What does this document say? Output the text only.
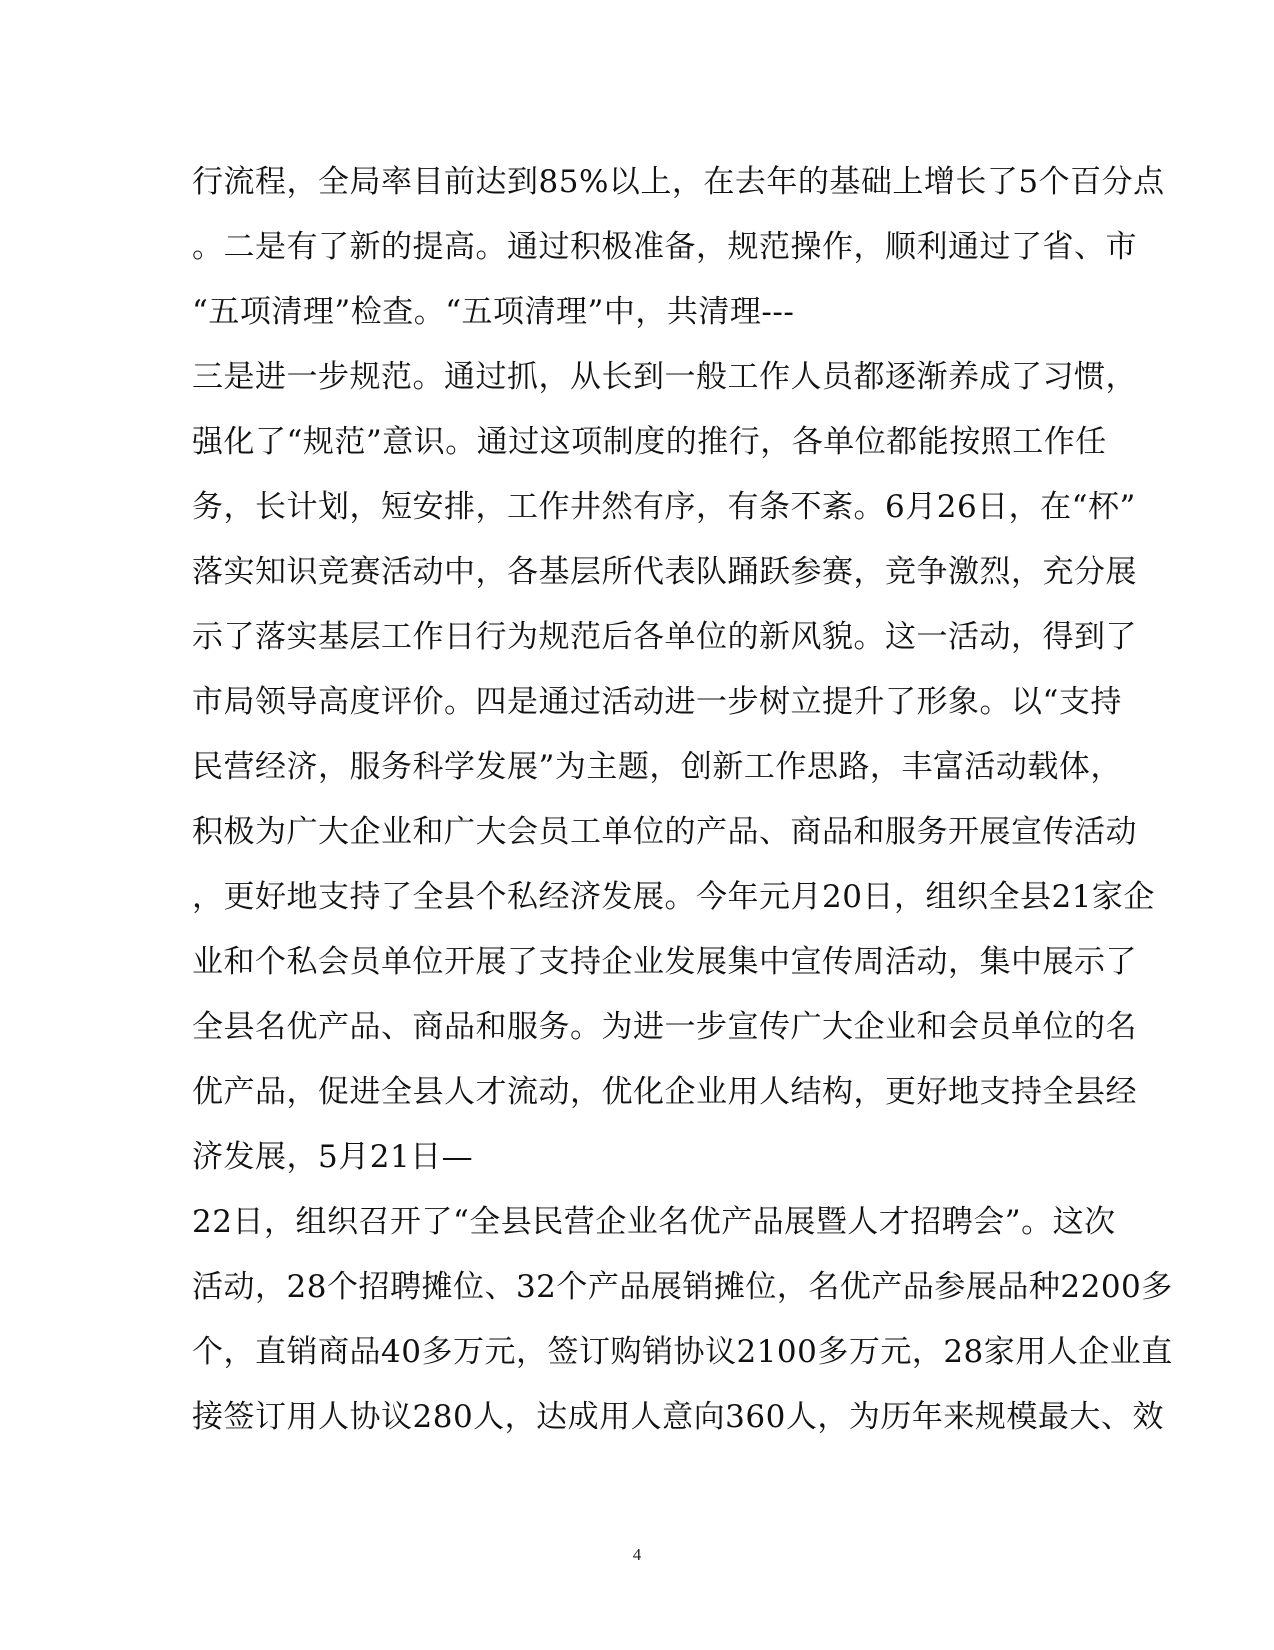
行流程，全局率目前达到85%以上，在去年的基础上增长了5个百分点
。二是有了新的提高。通过积极准备，规范操作，顺利通过了省、市
“五项清理”检查。“五项清理”中，共清理---
三是进一步规范。通过抓，从长到一般工作人员都逐渐养成了习惯，
强化了“规范”意识。通过这项制度的推行，各单位都能按照工作任
务，长计划，短安排，工作井然有序，有条不紊。6月26日，在“杯”
落实知识竞赛活动中，各基层所代表队踊跃参赛，竞争激烈，充分展
示了落实基层工作日行为规范后各单位的新风貌。这一活动，得到了
市局领导高度评价。四是通过活动进一步树立提升了形象。以“支持
民营经济，服务科学发展”为主题，创新工作思路，丰富活动载体，
积极为广大企业和广大会员工单位的产品、商品和服务开展宣传活动
，更好地支持了全县个私经济发展。今年元月20日，组织全县21家企
业和个私会员单位开展了支持企业发展集中宣传周活动，集中展示了
全县名优产品、商品和服务。为进一步宣传广大企业和会员单位的名
优产品，促进全县人才流动，优化企业用人结构，更好地支持全县经
济发展，5月21日—
22日，组织召开了“全县民营企业名优产品展暨人才招聘会”。这次
活动，28个招聘摊位、32个产品展销摊位，名优产品参展品种2200多
个，直销商品40多万元，签订购销协议2100多万元，28家用人企业直
接签订用人协议280人，达成用人意向360人，为历年来规模最大、效
4
